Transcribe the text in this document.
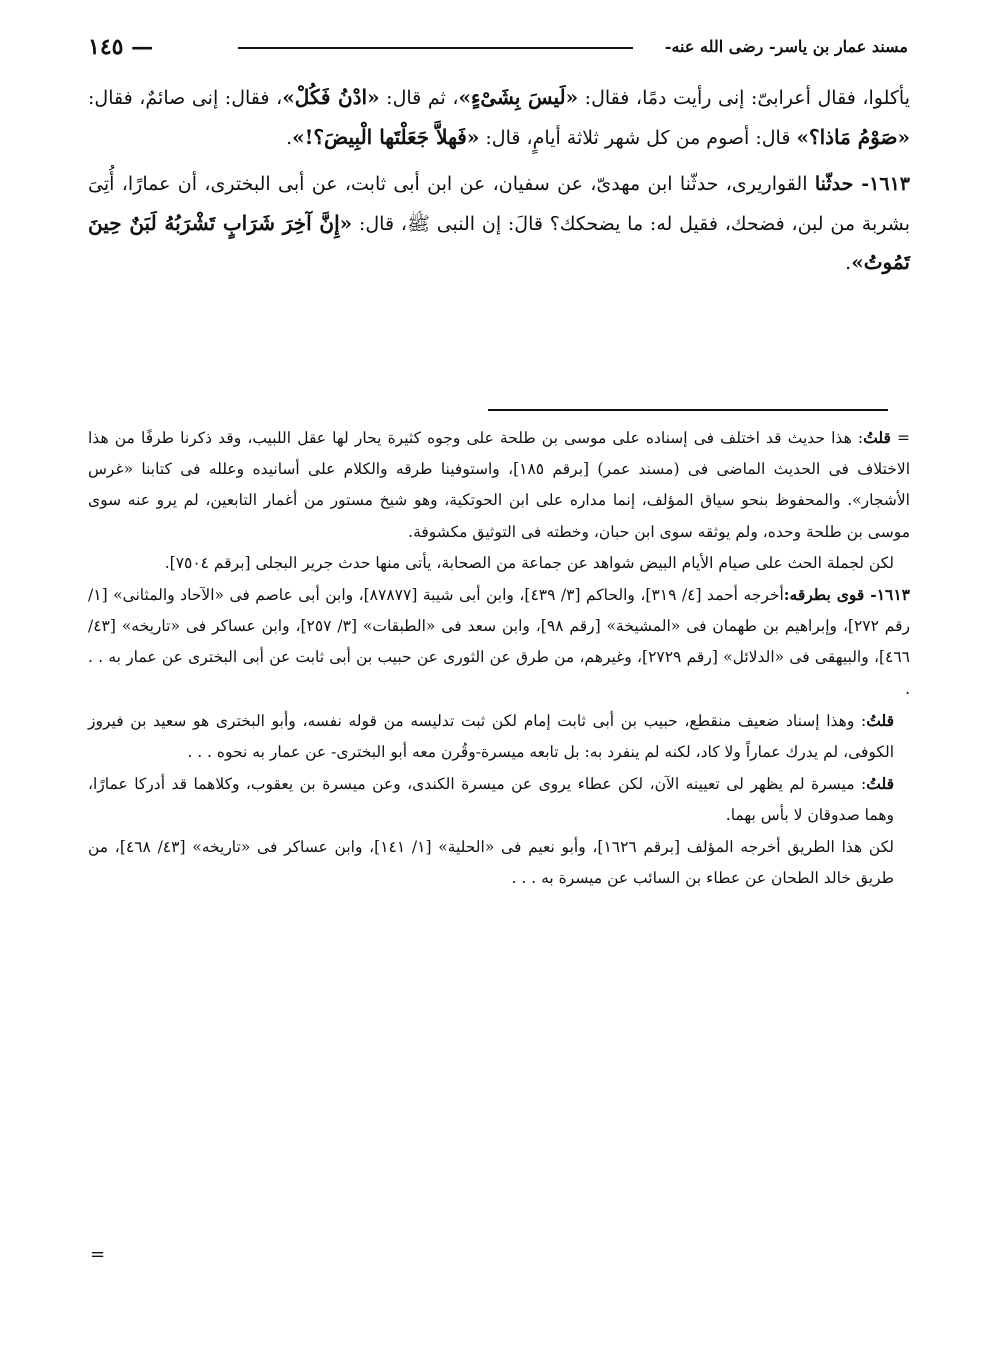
مسند عمار بن ياسر- رضى الله عنه-
— ١٤٥

يأكلوا، فقال أعرابىّ: إنى رأيت دمًا، فقال: «لَيسَ بِشَىْءٍ»، ثم قال: «ادْنُ فَكُلْ»، فقال: إنى صائمٌ، فقال: «صَوْمُ مَاذا؟» قال: أصوم من كل شهر ثلاثة أيامٍ، قال: «فَهلاَّ جَعَلْتَها الْبِيضَ؟!».

١٦١٣- حدثّنا القواريرى، حدثّنا ابن مهدىّ، عن سفيان، عن ابن أبى ثابت، عن أبى البخترى، أن عمارًا، أُتِىَ بشربة من لبن، فضحك، فقيل له: ما يضحكك؟ قالَ: إن النبى ﷺ، قال: «إِنَّ آخِرَ شَرَابٍ تَشْرَبُهُ لَبَنٌ حِينَ تَمُوتُ».

= قلتُ: هذا حديث قد اختلف فى إسناده على موسى بن طلحة على وجوه كثيرة يحار لها عقل اللبيب، وقد ذكرنا طرفًا من هذا الاختلاف فى الحديث الماضى فى (مسند عمر) [برقم ١٨٥]، واستوفينا طرقه والكلام على أسانيده وعلله فى كتابنا «غرس الأشجار». والمحفوظ بنحو سياق المؤلف، إنما مداره على ابن الحوتكية، وهو شيخ مستور من أغمار التابعين، لم يرو عنه سوى موسى بن طلحة وحده، ولم يوثقه سوى ابن حبان، وخطته فى التوثيق مكشوفة.

لكن لجملة الحث على صيام الأيام البيض شواهد عن جماعة من الصحابة، يأتى منها حدث جرير البجلى [برقم ٧٥٠٤].

١٦١٣- قوى بطرقه:أخرجه أحمد [٤/ ٣١٩]، والحاكم [٣/ ٤٣٩]، وابن أبى شيبة [٨٧٨٧٧]، وابن أبى عاصم فى «الآحاد والمثانى» [١/ رقم ٢٧٢]، وإبراهيم بن طهمان فى «المشيخة» [رقم ٩٨]، وابن سعد فى «الطبقات» [٣/ ٢٥٧]، وابن عساكر فى «تاريخه» [٤٣/ ٤٦٦]، والبيهقى فى «الدلائل» [رقم ٢٧٢٩]، وغيرهم، من طرق عن الثورى عن حبيب بن أبى ثابت عن أبى البخترى عن عمار به . . .

قلتُ: وهذا إسناد ضعيف منقطع، حبيب بن أبى ثابت إمام لكن ثبت تدليسه من قوله نفسه، وأبو البخترى هو سعيد بن فيروز الكوفى، لم يدرك عماراً ولا كاد، لكنه لم ينفرد به: بل تابعه ميسرة-وقُرن معه أبو البخترى- عن عمار به نحوه . . .

قلتُ: ميسرة لم يظهر لى تعيينه الآن، لكن عطاء يروى عن ميسرة الكندى، وعن ميسرة بن يعقوب، وكلاهما قد أدركا عمارًا، وهما صدوقان لا بأس بهما.

لكن هذا الطريق أخرجه المؤلف [برقم ١٦٢٦]، وأبو نعيم فى «الحلية» [١/ ١٤١]، وابن عساكر فى «تاريخه» [٤٣/ ٤٦٨]، من طريق خالد الطحان عن عطاء بن السائب عن ميسرة به . . .

=
